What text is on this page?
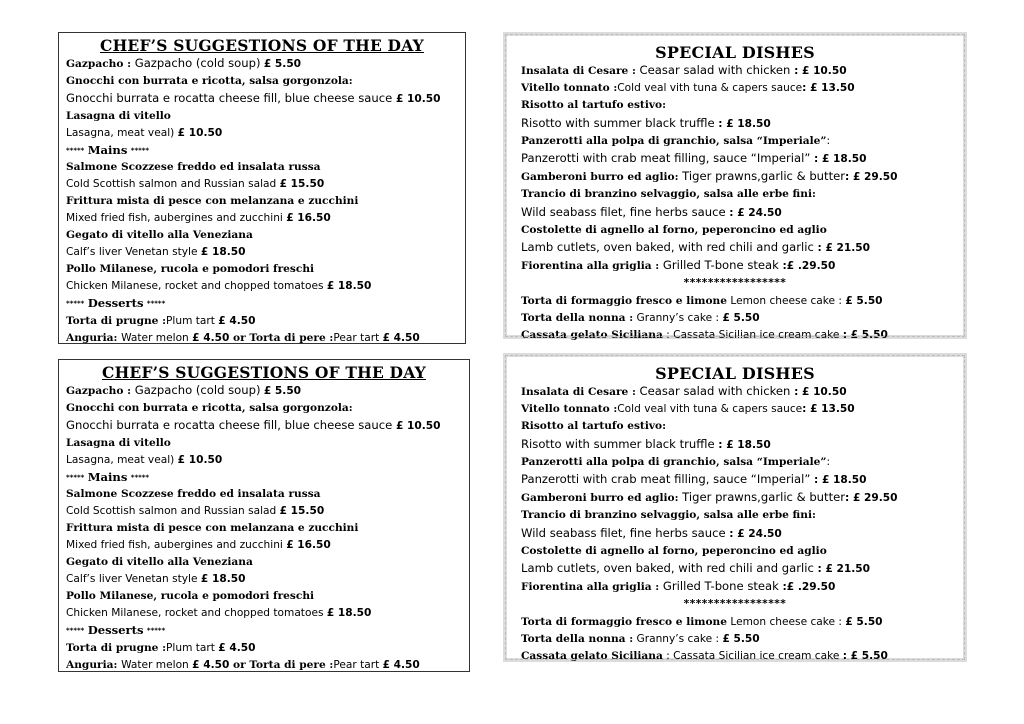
CHEF’S SUGGESTIONS OF THE DAY
Gazpacho : Gazpacho (cold soup) £ 5.50
Gnocchi con burrata e ricotta, salsa gorgonzola:
Gnocchi burrata e rocatta cheese fill, blue cheese sauce £ 10.50
Lasagna di vitello
Lasagna, meat veal) £ 10.50
***** Mains *****
Salmone Scozzese freddo ed insalata russa
Cold Scottish salmon and Russian salad £ 15.50
Frittura mista di pesce con melanzana e zucchini
Mixed fried fish, aubergines and zucchini £ 16.50
Gegato di vitello alla Veneziana
Calf’s liver Venetan style £ 18.50
Pollo Milanese, rucola e pomodori freschi
Chicken Milanese, rocket and chopped tomatoes £ 18.50
***** Desserts *****
Torta di prugne :Plum tart £ 4.50
Anguria: Water melon £ 4.50 or Torta di pere :Pear tart £ 4.50
SPECIAL DISHES
Insalata di Cesare : Ceasar salad with chicken : £ 10.50
Vitello tonnato :Cold veal vith tuna & capers sauce: £ 13.50
Risotto al tartufo estivo:
Risotto with summer black truffle : £ 18.50
Panzerotti alla polpa di granchio, salsa “Imperiale”:
Panzerotti with crab meat filling, sauce “Imperial” : £ 18.50
Gamberoni burro ed aglio: Tiger prawns,garlic & butter: £ 29.50
Trancio di branzino selvaggio, salsa alle erbe fini:
Wild seabass filet, fine herbs sauce : £ 24.50
Costolette di agnello al forno, peperoncino ed aglio
Lamb cutlets, oven baked, with red chili and garlic : £ 21.50
Fiorentina alla griglia : Grilled T-bone steak :£ .29.50
*****************
Torta di formaggio fresco e limone Lemon cheese cake : £ 5.50
Torta della nonna : Granny’s cake : £ 5.50
Cassata gelato Siciliana : Cassata Sicilian ice cream cake : £ 5.50
CHEF’S SUGGESTIONS OF THE DAY
Gazpacho : Gazpacho (cold soup) £ 5.50
Gnocchi con burrata e ricotta, salsa gorgonzola:
Gnocchi burrata e rocatta cheese fill, blue cheese sauce £ 10.50
Lasagna di vitello
Lasagna, meat veal) £ 10.50
***** Mains *****
Salmone Scozzese freddo ed insalata russa
Cold Scottish salmon and Russian salad £ 15.50
Frittura mista di pesce con melanzana e zucchini
Mixed fried fish, aubergines and zucchini £ 16.50
Gegato di vitello alla Veneziana
Calf’s liver Venetan style £ 18.50
Pollo Milanese, rucola e pomodori freschi
Chicken Milanese, rocket and chopped tomatoes £ 18.50
***** Desserts *****
Torta di prugne :Plum tart £ 4.50
Anguria: Water melon £ 4.50 or Torta di pere :Pear tart £ 4.50
SPECIAL DISHES
Insalata di Cesare : Ceasar salad with chicken : £ 10.50
Vitello tonnato :Cold veal vith tuna & capers sauce: £ 13.50
Risotto al tartufo estivo:
Risotto with summer black truffle : £ 18.50
Panzerotti alla polpa di granchio, salsa “Imperiale”:
Panzerotti with crab meat filling, sauce “Imperial” : £ 18.50
Gamberoni burro ed aglio: Tiger prawns,garlic & butter: £ 29.50
Trancio di branzino selvaggio, salsa alle erbe fini:
Wild seabass filet, fine herbs sauce : £ 24.50
Costolette di agnello al forno, peperoncino ed aglio
Lamb cutlets, oven baked, with red chili and garlic : £ 21.50
Fiorentina alla griglia : Grilled T-bone steak :£ .29.50
*****************
Torta di formaggio fresco e limone Lemon cheese cake : £ 5.50
Torta della nonna : Granny’s cake : £ 5.50
Cassata gelato Siciliana : Cassata Sicilian ice cream cake : £ 5.50
